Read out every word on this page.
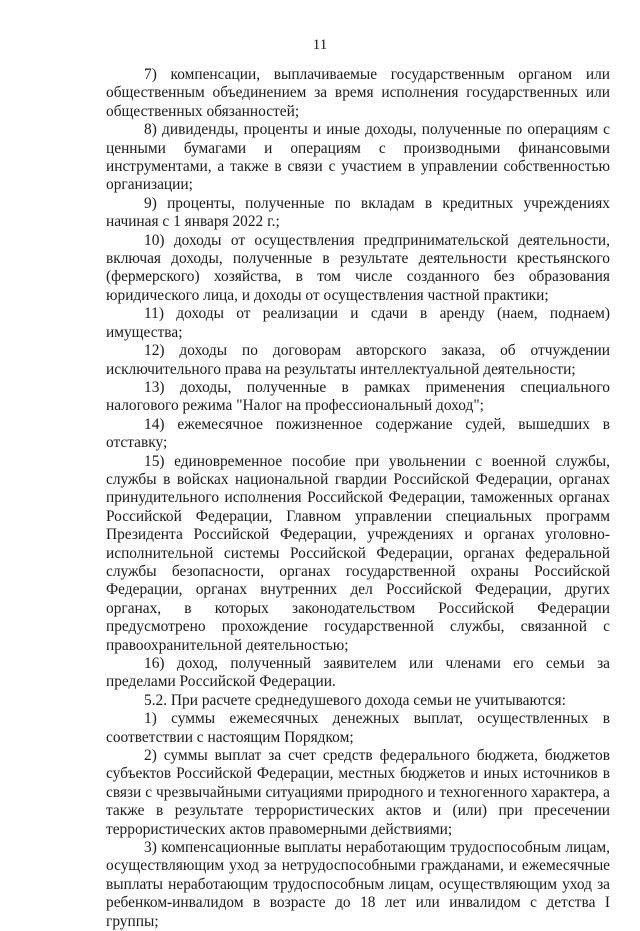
11

7) компенсации, выплачиваемые государственным органом или общественным объединением за время исполнения государственных или общественных обязанностей;

8) дивиденды, проценты и иные доходы, полученные по операциям с ценными бумагами и операциям с производными финансовыми инструментами, а также в связи с участием в управлении собственностью организации;

9) проценты, полученные по вкладам в кредитных учреждениях начиная с 1 января 2022 г.;

10) доходы от осуществления предпринимательской деятельности, включая доходы, полученные в результате деятельности крестьянского (фермерского) хозяйства, в том числе созданного без образования юридического лица, и доходы от осуществления частной практики;

11) доходы от реализации и сдачи в аренду (наем, поднаем) имущества;

12) доходы по договорам авторского заказа, об отчуждении исключительного права на результаты интеллектуальной деятельности;

13) доходы, полученные в рамках применения специального налогового режима "Налог на профессиональный доход";

14) ежемесячное пожизненное содержание судей, вышедших в отставку;

15) единовременное пособие при увольнении с военной службы, службы в войсках национальной гвардии Российской Федерации, органах принудительного исполнения Российской Федерации, таможенных органах Российской Федерации, Главном управлении специальных программ Президента Российской Федерации, учреждениях и органах уголовно-исполнительной системы Российской Федерации, органах федеральной службы безопасности, органах государственной охраны Российской Федерации, органах внутренних дел Российской Федерации, других органах, в которых законодательством Российской Федерации предусмотрено прохождение государственной службы, связанной с правоохранительной деятельностью;

16) доход, полученный заявителем или членами его семьи за пределами Российской Федерации.

5.2. При расчете среднедушевого дохода семьи не учитываются:

1) суммы ежемесячных денежных выплат, осуществленных в соответствии с настоящим Порядком;

2) суммы выплат за счет средств федерального бюджета, бюджетов субъектов Российской Федерации, местных бюджетов и иных источников в связи с чрезвычайными ситуациями природного и техногенного характера, а также в результате террористических актов и (или) при пресечении террористических актов правомерными действиями;

3) компенсационные выплаты неработающим трудоспособным лицам, осуществляющим уход за нетрудоспособными гражданами, и ежемесячные выплаты неработающим трудоспособным лицам, осуществляющим уход за ребенком-инвалидом в возрасте до 18 лет или инвалидом с детства I группы;
